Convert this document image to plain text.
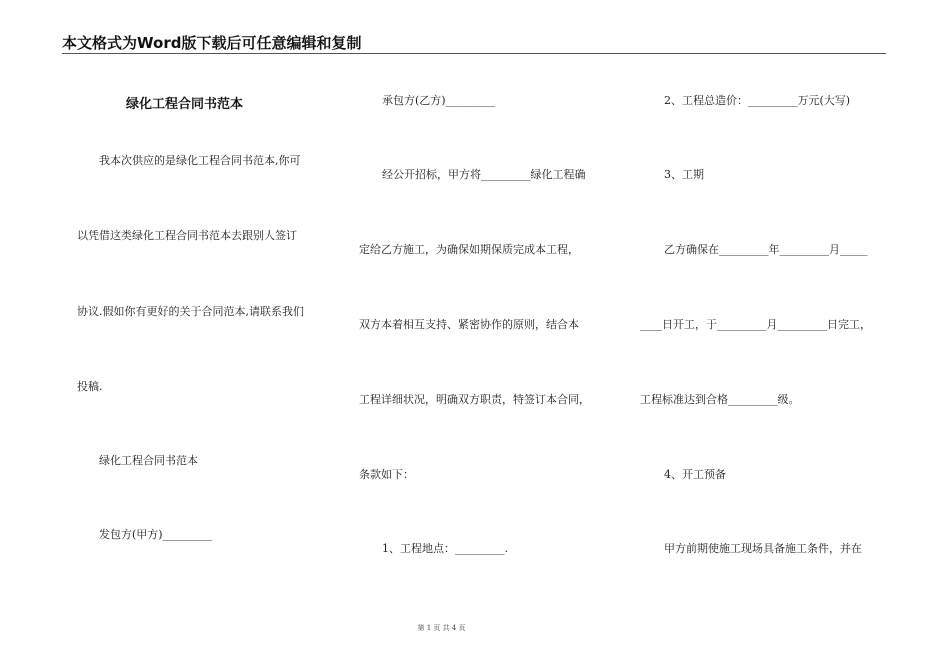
本文格式为Word版下载后可任意编辑和复制
绿化工程合同书范本
我本次供应的是绿化工程合同书范本,你可
以凭借这类绿化工程合同书范本去跟别人签订
协议.假如你有更好的关于合同范本,请联系我们
投稿.
绿化工程合同书范本
发包方(甲方)_________
承包方(乙方)_________
经公开招标，甲方将_________绿化工程确
定给乙方施工，为确保如期保质完成本工程，
双方本着相互支持、紧密协作的原则，结合本
工程详细状况，明确双方职责，特签订本合同，
条款如下：
1、工程地点：_________.
2、工程总造价：_________万元(大写)
3、工期
乙方确保在_________年_________月_____
____日开工，于_________月_________日完工，
工程标准达到合格_________级。
4、开工预备
甲方前期使施工现场具备施工条件，并在
第 1 页 共 4 页
